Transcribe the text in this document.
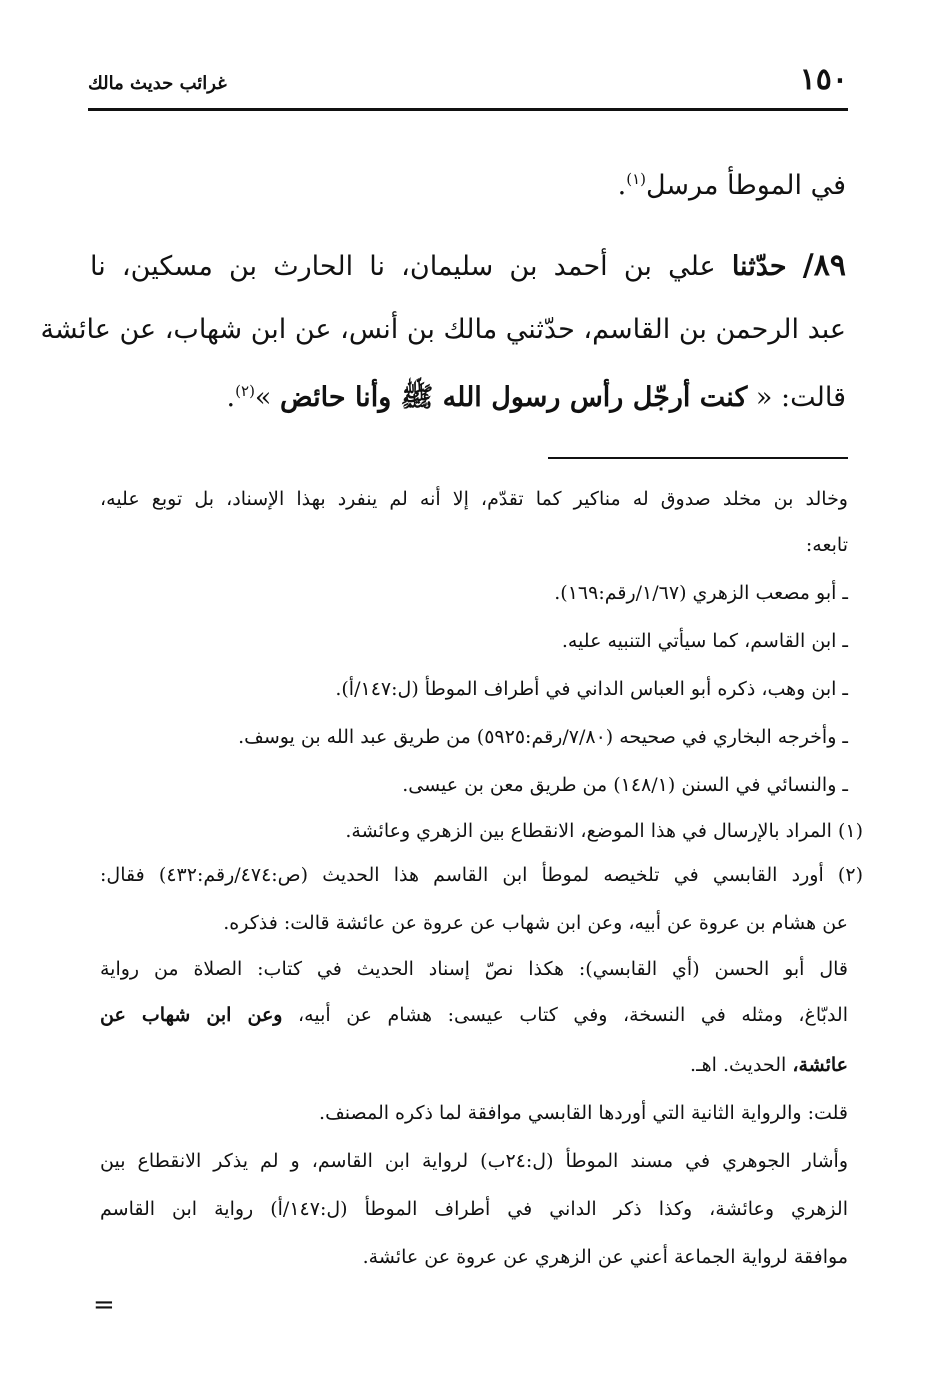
١٥٠
غرائب حديث مالك
في الموطأ مرسل$^{(١)}$.
٨٩/ حدّثنا علي بن أحمد بن سليمان، نا الحارث بن مسكين، نا
عبد الرحمن بن القاسم، حدّثني مالك بن أنس، عن ابن شهاب، عن عائشة
قالت: « كنت أرجّل رأس رسول الله ﷺ وأنا حائض »$^{(٢)}$.
وخالد بن مخلد صدوق له مناكير كما تقدّم، إلا أنه لم ينفرد بهذا الإسناد، بل توبع عليه،
تابعه:
ـ أبو مصعب الزهري (١/٦٧/رقم:١٦٩).
ـ ابن القاسم، كما سيأتي التنبيه عليه.
ـ ابن وهب، ذكره أبو العباس الداني في أطراف الموطأ (ل:١٤٧/أ).
ـ وأخرجه البخاري في صحيحه (٧/٨٠/رقم:٥٩٢٥) من طريق عبد الله بن يوسف.
ـ والنسائي في السنن (١٤٨/١) من طريق معن بن عيسى.
(١) المراد بالإرسال في هذا الموضع، الانقطاع بين الزهري وعائشة.
(٢) أورد القابسي في تلخيصه لموطأ ابن القاسم هذا الحديث (ص:٤٧٤/رقم:٤٣٢) فقال:
عن هشام بن عروة عن أبيه، وعن ابن شهاب عن عروة عن عائشة قالت: فذكره.
قال أبو الحسن (أي القابسي): هكذا نصّ إسناد الحديث في كتاب: الصلاة من رواية
الدبّاغ، ومثله في النسخة، وفي كتاب عيسى: هشام عن أبيه، وعن ابن شهاب عن
عائشة، الحديث. اهـ.
قلت: والرواية الثانية التي أوردها القابسي موافقة لما ذكره المصنف.
وأشار الجوهري في مسند الموطأ (ل:٢٤ب) لرواية ابن القاسم، و لم يذكر الانقطاع بين
الزهري وعائشة، وكذا ذكر الداني في أطراف الموطأ (ل:١٤٧/أ) رواية ابن القاسم
موافقة لرواية الجماعة أعني عن الزهري عن عروة عن عائشة.
=
